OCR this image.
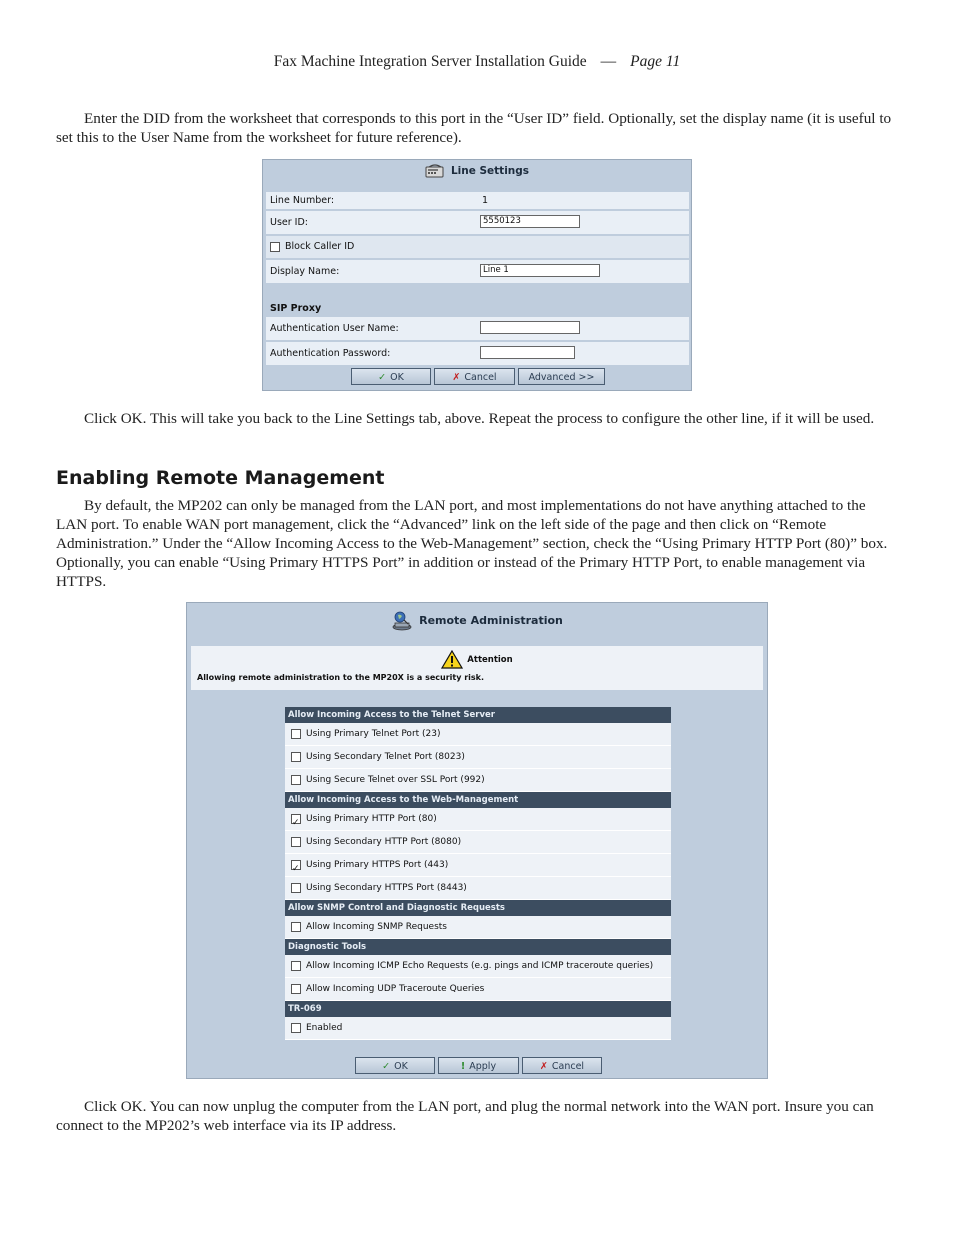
Fax Machine Integration Server Installation Guide — Page 11

Enter the DID from the worksheet that corresponds to this port in the “User ID” field. Optionally, set the display name (it is useful to set this to the User Name from the worksheet for future reference).

Line Settings
Line Number:	1
User ID:	5550123
Block Caller ID
Display Name:	Line 1
SIP Proxy
Authentication User Name:
Authentication Password:
✓ OK	✗ Cancel	Advanced >>

Click OK. This will take you back to the Line Settings tab, above. Repeat the process to configure the other line, if it will be used.

Enabling Remote Management

By default, the MP202 can only be managed from the LAN port, and most implementations do not have anything attached to the LAN port. To enable WAN port management, click the “Advanced” link on the left side of the page and then click on “Remote Administration.” Under the “Allow Incoming Access to the Web-Management” section, check the “Using Primary HTTP Port (80)” box. Optionally, you can enable “Using Primary HTTPS Port” in addition or instead of the Primary HTTP Port, to enable management via HTTPS.

Remote Administration
Attention
Allowing remote administration to the MP20X is a security risk.
Allow Incoming Access to the Telnet Server
Using Primary Telnet Port (23)
Using Secondary Telnet Port (8023)
Using Secure Telnet over SSL Port (992)
Allow Incoming Access to the Web-Management
✓Using Primary HTTP Port (80)
Using Secondary HTTP Port (8080)
✓Using Primary HTTPS Port (443)
Using Secondary HTTPS Port (8443)
Allow SNMP Control and Diagnostic Requests
Allow Incoming SNMP Requests
Diagnostic Tools
Allow Incoming ICMP Echo Requests (e.g. pings and ICMP traceroute queries)
Allow Incoming UDP Traceroute Queries
TR-069
Enabled
✓ OK	! Apply	✗ Cancel

Click OK. You can now unplug the computer from the LAN port, and plug the normal network into the WAN port. Insure you can connect to the MP202’s web interface via its IP address.
